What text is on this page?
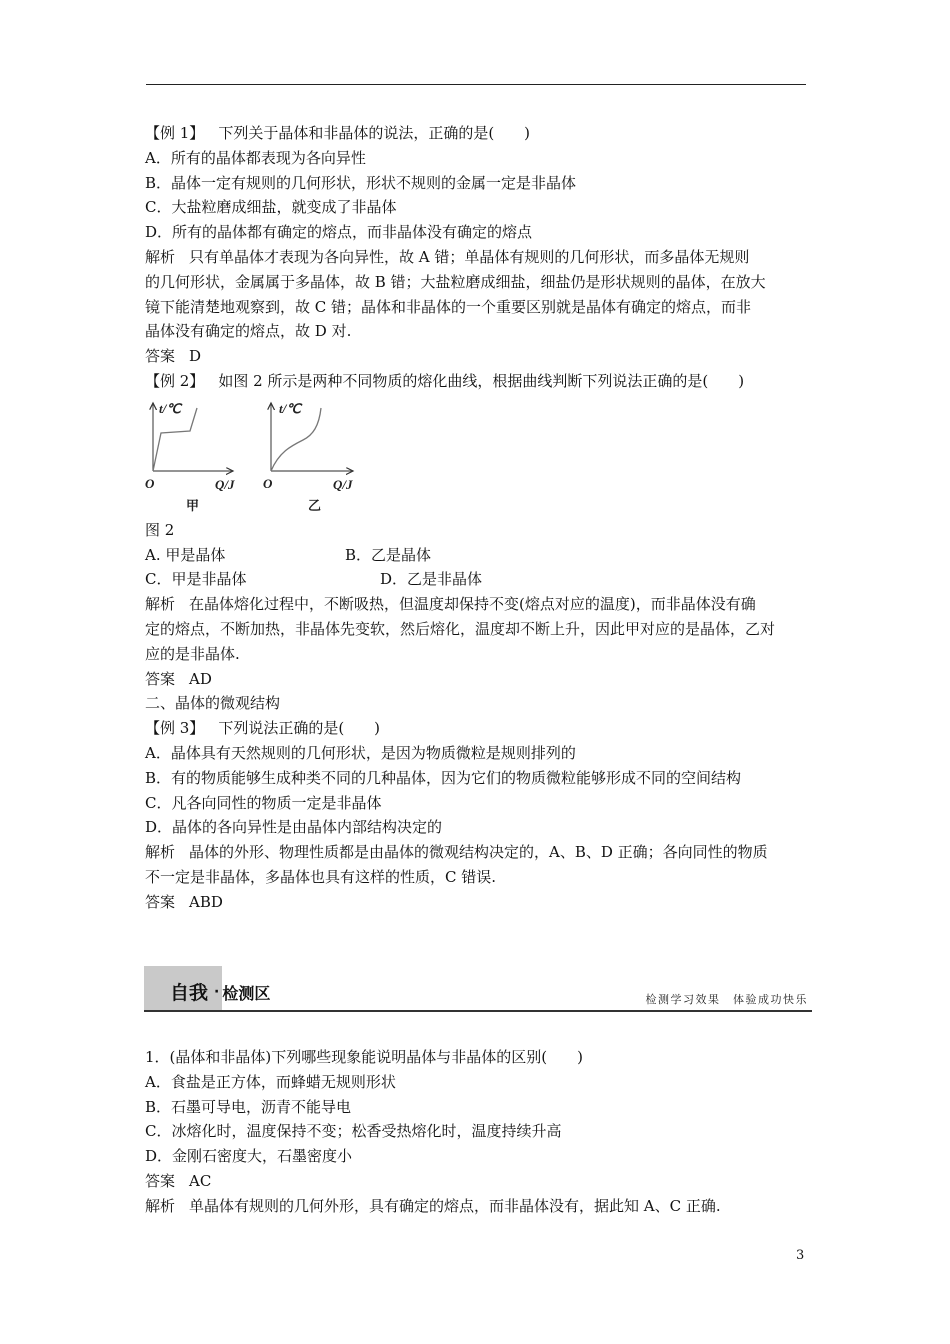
【例 1】 下列关于晶体和非晶体的说法，正确的是(　　)
A．所有的晶体都表现为各向异性
B．晶体一定有规则的几何形状，形状不规则的金属一定是非晶体
C．大盐粒磨成细盐，就变成了非晶体
D．所有的晶体都有确定的熔点，而非晶体没有确定的熔点
解析 只有单晶体才表现为各向异性，故 A 错；单晶体有规则的几何形状，而多晶体无规则
的几何形状，金属属于多晶体，故 B 错；大盐粒磨成细盐，细盐仍是形状规则的晶体，在放大
镜下能清楚地观察到，故 C 错；晶体和非晶体的一个重要区别就是晶体有确定的熔点，而非
晶体没有确定的熔点，故 D 对.
答案 D
【例 2】 如图 2 所示是两种不同物质的熔化曲线，根据曲线判断下列说法正确的是(　　)
t/℃
O	Q/J
甲
t/℃
O	Q/J
乙
图 2
A. 甲是晶体	B．乙是晶体
C．甲是非晶体	D．乙是非晶体
解析 在晶体熔化过程中，不断吸热，但温度却保持不变(熔点对应的温度)，而非晶体没有确
定的熔点，不断加热，非晶体先变软，然后熔化，温度却不断上升，因此甲对应的是晶体，乙对
应的是非晶体.
答案 AD
二、晶体的微观结构
【例 3】 下列说法正确的是(　　)
A．晶体具有天然规则的几何形状，是因为物质微粒是规则排列的
B．有的物质能够生成种类不同的几种晶体，因为它们的物质微粒能够形成不同的空间结构
C．凡各向同性的物质一定是非晶体
D．晶体的各向异性是由晶体内部结构决定的
解析 晶体的外形、物理性质都是由晶体的微观结构决定的，A、B、D 正确；各向同性的物质
不一定是非晶体，多晶体也具有这样的性质，C 错误.
答案 ABD
自我 · 检测区	检测学习效果　体验成功快乐
1．(晶体和非晶体)下列哪些现象能说明晶体与非晶体的区别(　　)
A．食盐是正方体，而蜂蜡无规则形状
B．石墨可导电，沥青不能导电
C．冰熔化时，温度保持不变；松香受热熔化时，温度持续升高
D．金刚石密度大，石墨密度小
答案 AC
解析 单晶体有规则的几何外形，具有确定的熔点，而非晶体没有，据此知 A、C 正确.
3
